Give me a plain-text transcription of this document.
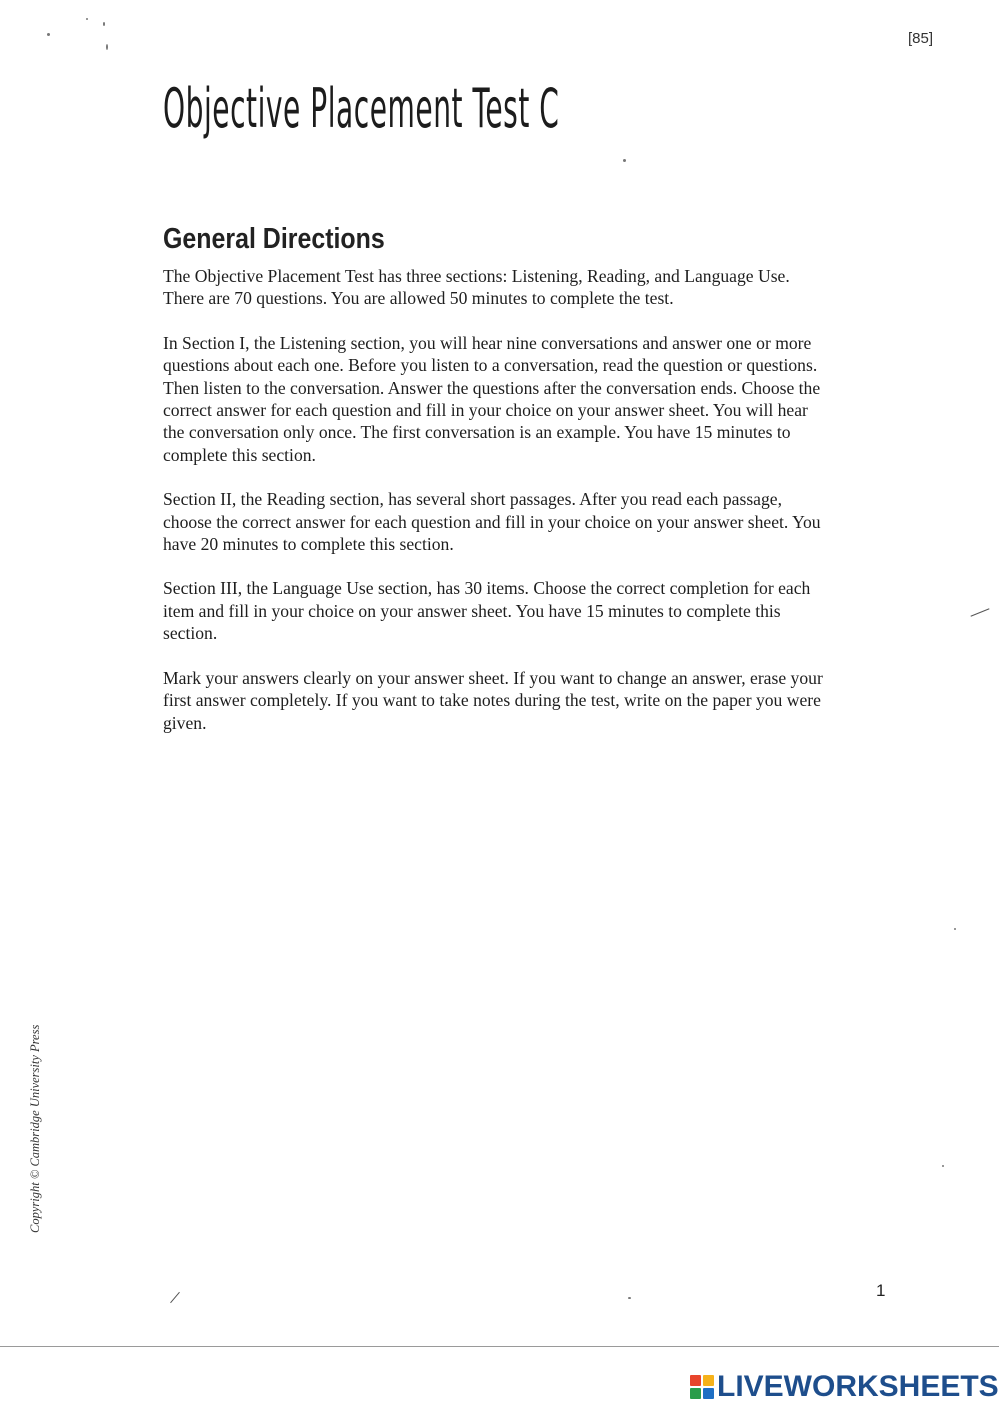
[85]
Objective Placement Test C
General Directions

The Objective Placement Test has three sections: Listening, Reading, and Language Use. There are 70 questions. You are allowed 50 minutes to complete the test.

In Section I, the Listening section, you will hear nine conversations and answer one or more questions about each one. Before you listen to a conversation, read the question or questions. Then listen to the conversation. Answer the questions after the conversation ends. Choose the correct answer for each question and fill in your choice on your answer sheet. You will hear the conversation only once. The first conversation is an example. You have 15 minutes to complete this section.

Section II, the Reading section, has several short passages. After you read each passage, choose the correct answer for each question and fill in your choice on your answer sheet. You have 20 minutes to complete this section.

Section III, the Language Use section, has 30 items. Choose the correct completion for each item and fill in your choice on your answer sheet. You have 15 minutes to complete this section.

Mark your answers clearly on your answer sheet. If you want to change an answer, erase your first answer completely. If you want to take notes during the test, write on the paper you were given.

Copyright © Cambridge University Press
1
LIVEWORKSHEETS
